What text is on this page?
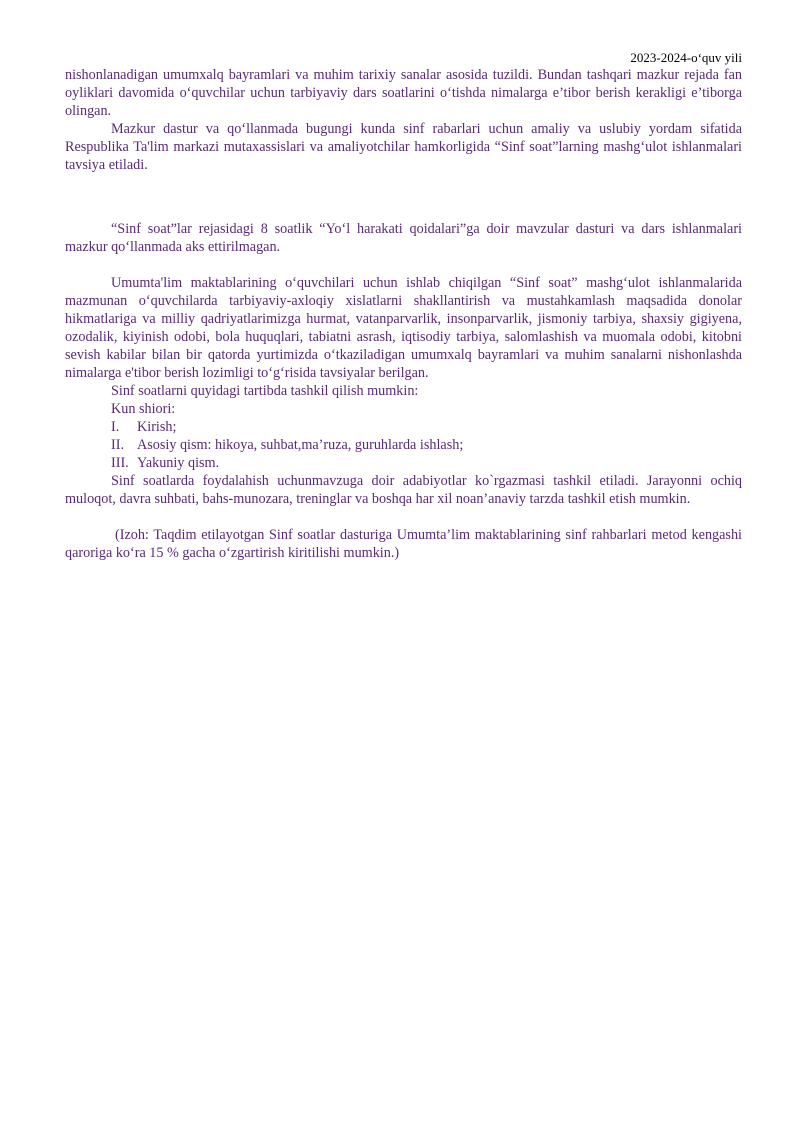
2023-2024-o‘quv yili

nishonlanadigan umumxalq bayramlari va muhim tarixiy sanalar asosida tuzildi. Bundan tashqari mazkur rejada fan oyliklari davomida o‘quvchilar uchun tarbiyaviy dars soatlarini o‘tishda nimalarga e’tibor berish kerakligi e’tiborga olingan.

Mazkur dastur va qo‘llanmada bugungi kunda sinf rabarlari uchun amaliy va uslubiy yordam sifatida Respublika Ta'lim markazi mutaxassislari va amaliyotchilar hamkorligida “Sinf soat”larning mashg‘ulot ishlanmalari tavsiya etiladi.

“Sinf soat”lar rejasidagi 8 soatlik “Yo‘l harakati qoidalari”ga doir mavzular dasturi va dars ishlanmalari mazkur qo‘llanmada aks ettirilmagan.

Umumta'lim maktablarining o‘quvchilari uchun ishlab chiqilgan “Sinf soat” mashg‘ulot ishlanmalarida mazmunan o‘quvchilarda tarbiyaviy-axloqiy xislatlarni shakllantirish va mustahkamlash maqsadida donolar hikmatlariga va milliy qadriyatlarimizga hurmat, vatanparvarlik, insonparvarlik, jismoniy tarbiya, shaxsiy gigiyena, ozodalik, kiyinish odobi, bola huquqlari, tabiatni asrash, iqtisodiy tarbiya, salomlashish va muomala odobi, kitobni sevish kabilar bilan bir qatorda yurtimizda o‘tkaziladigan umumxalq bayramlari va muhim sanalarni nishonlashda nimalarga e'tibor berish lozimligi to‘g‘risida tavsiyalar berilgan.

Sinf soatlarni quyidagi tartibda tashkil qilish mumkin:

Kun shiori:

I.	Kirish;
II. Asosiy qism: hikoya, suhbat,ma’ruza, guruhlarda ishlash;
III. Yakuniy qism.

Sinf soatlarda foydalahish uchunmavzuga doir adabiyotlar ko`rgazmasi tashkil etiladi. Jarayonni ochiq muloqot, davra suhbati, bahs-munozara, treninglar va boshqa har xil noan’anaviy tarzda tashkil etish mumkin.

(Izoh: Taqdim etilayotgan Sinf soatlar dasturiga Umumta’lim maktablarining sinf rahbarlari metod kengashi qaroriga ko‘ra 15 % gacha o‘zgartirish kiritilishi mumkin.)
